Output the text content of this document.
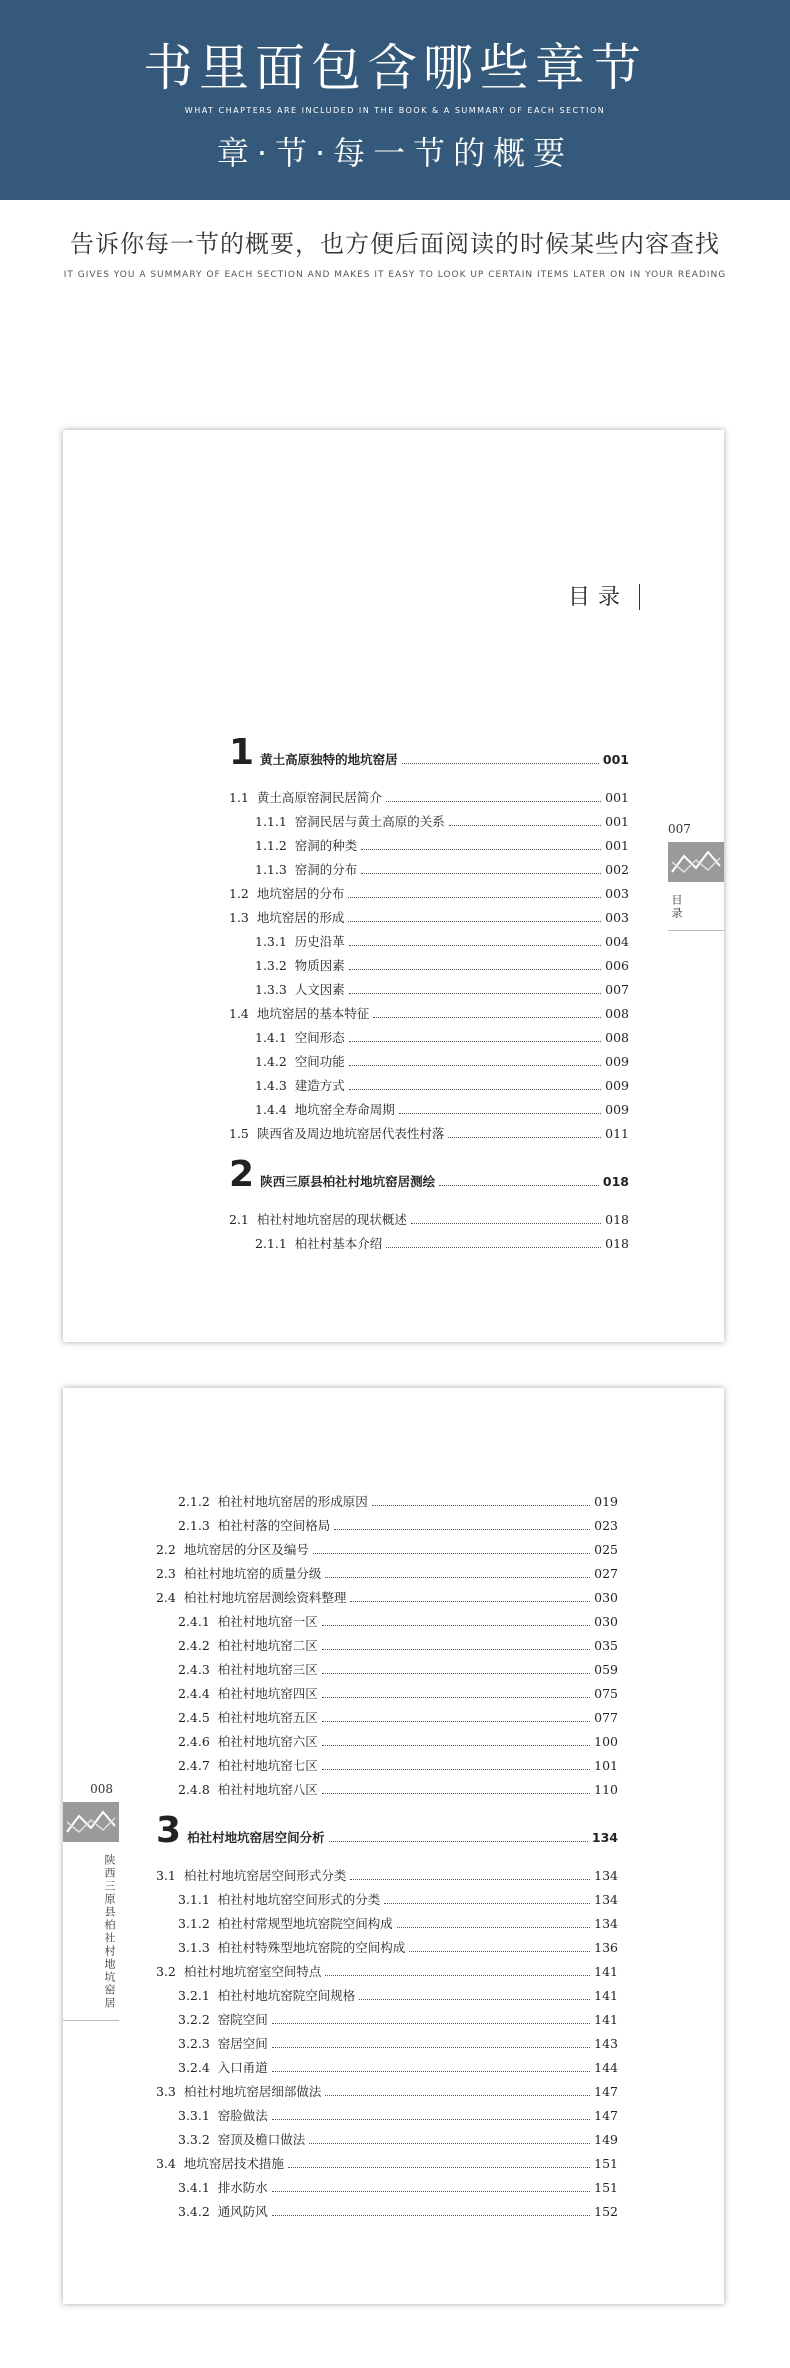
书里面包含哪些章节
WHAT CHAPTERS ARE INCLUDED IN THE BOOK & A SUMMARY OF EACH SECTION
章·节·每一节的概要
告诉你每一节的概要，也方便后面阅读的时候某些内容查找
IT GIVES YOU A SUMMARY OF EACH SECTION AND MAKES IT EASY TO LOOK UP CERTAIN ITEMS LATER ON IN YOUR READING
目录
1 黄土高原独特的地坑窑居	001
1.1 黄土高原窑洞民居简介	001
1.1.1 窑洞民居与黄土高原的关系	001
1.1.2 窑洞的种类	001
1.1.3 窑洞的分布	002
1.2 地坑窑居的分布	003
1.3 地坑窑居的形成	003
1.3.1 历史沿革	004
1.3.2 物质因素	006
1.3.3 人文因素	007
1.4 地坑窑居的基本特征	008
1.4.1 空间形态	008
1.4.2 空间功能	009
1.4.3 建造方式	009
1.4.4 地坑窑全寿命周期	009
1.5 陕西省及周边地坑窑居代表性村落	011
2 陕西三原县柏社村地坑窑居测绘	018
2.1 柏社村地坑窑居的现状概述	018
2.1.1 柏社村基本介绍	018
007
目录
2.1.2 柏社村地坑窑居的形成原因	019
2.1.3 柏社村落的空间格局	023
2.2 地坑窑居的分区及编号	025
2.3 柏社村地坑窑的质量分级	027
2.4 柏社村地坑窑居测绘资料整理	030
2.4.1 柏社村地坑窑一区	030
2.4.2 柏社村地坑窑二区	035
2.4.3 柏社村地坑窑三区	059
2.4.4 柏社村地坑窑四区	075
2.4.5 柏社村地坑窑五区	077
2.4.6 柏社村地坑窑六区	100
2.4.7 柏社村地坑窑七区	101
2.4.8 柏社村地坑窑八区	110
3 柏社村地坑窑居空间分析	134
3.1 柏社村地坑窑居空间形式分类	134
3.1.1 柏社村地坑窑空间形式的分类	134
3.1.2 柏社村常规型地坑窑院空间构成	134
3.1.3 柏社村特殊型地坑窑院的空间构成	136
3.2 柏社村地坑窑室空间特点	141
3.2.1 柏社村地坑窑院空间规格	141
3.2.2 窑院空间	141
3.2.3 窑居空间	143
3.2.4 入口甬道	144
3.3 柏社村地坑窑居细部做法	147
3.3.1 窑脸做法	147
3.3.2 窑顶及檐口做法	149
3.4 地坑窑居技术措施	151
3.4.1 排水防水	151
3.4.2 通风防风	152
008
陕西三原县柏社村地坑窑居
